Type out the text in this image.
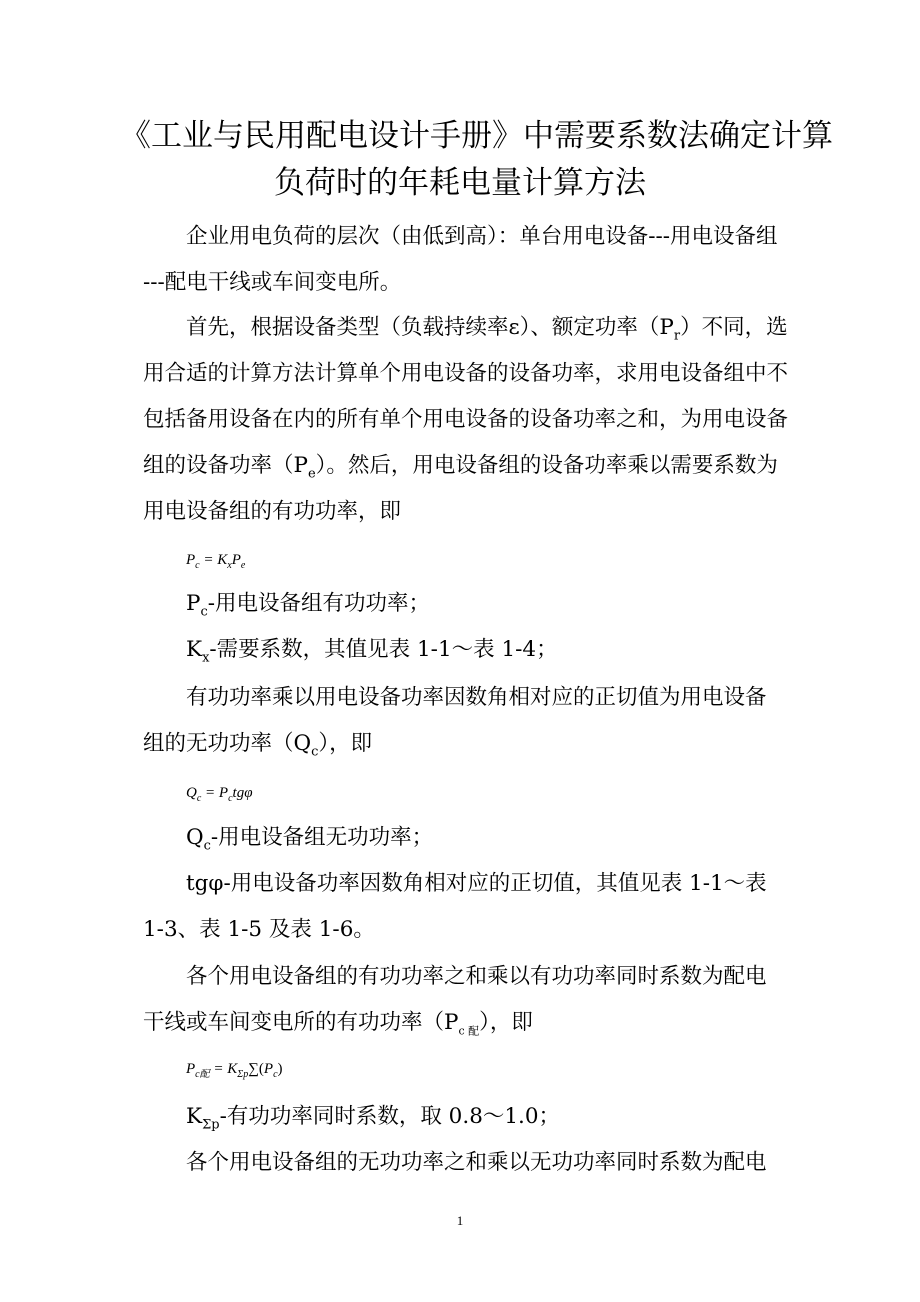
《工业与民用配电设计手册》中需要系数法确定计算
负荷时的年耗电量计算方法
企业用电负荷的层次（由低到高）：单台用电设备---用电设备组
---配电干线或车间变电所。
首先，根据设备类型（负载持续率ε）、额定功率$(P_r)$不同，选
用合适的计算方法计算单个用电设备的设备功率，求用电设备组中不
包括备用设备在内的所有单个用电设备的设备功率之和，为用电设备
组的设备功率$(P_e)$。然后，用电设备组的设备功率乘以需要系数为
用电设备组的有功功率，即
$P_c = K_xP_e$
$P_c-$用电设备组有功功率；
$K_x-$需要系数，其值见表 1-1～表 1-4；
有功功率乘以用电设备功率因数角相对应的正切值为用电设备
组的无功功率$(Q_c)$，即
$Q_c = P_ctg\varphi$
$Q_c-$用电设备组无功功率；
tgφ-用电设备功率因数角相对应的正切值，其值见表 1-1～表
1-3、表 1-5 及表 1-6。
各个用电设备组的有功功率之和乘以有功功率同时系数为配电
干线或车间变电所的有功功率$(P_{c 配})$，即
$P_{c配} = K_{\Sigma p}\sum(P_c)$
$K_{\Sigma p}-$有功功率同时系数，取 0.8～1.0；
各个用电设备组的无功功率之和乘以无功功率同时系数为配电
1
